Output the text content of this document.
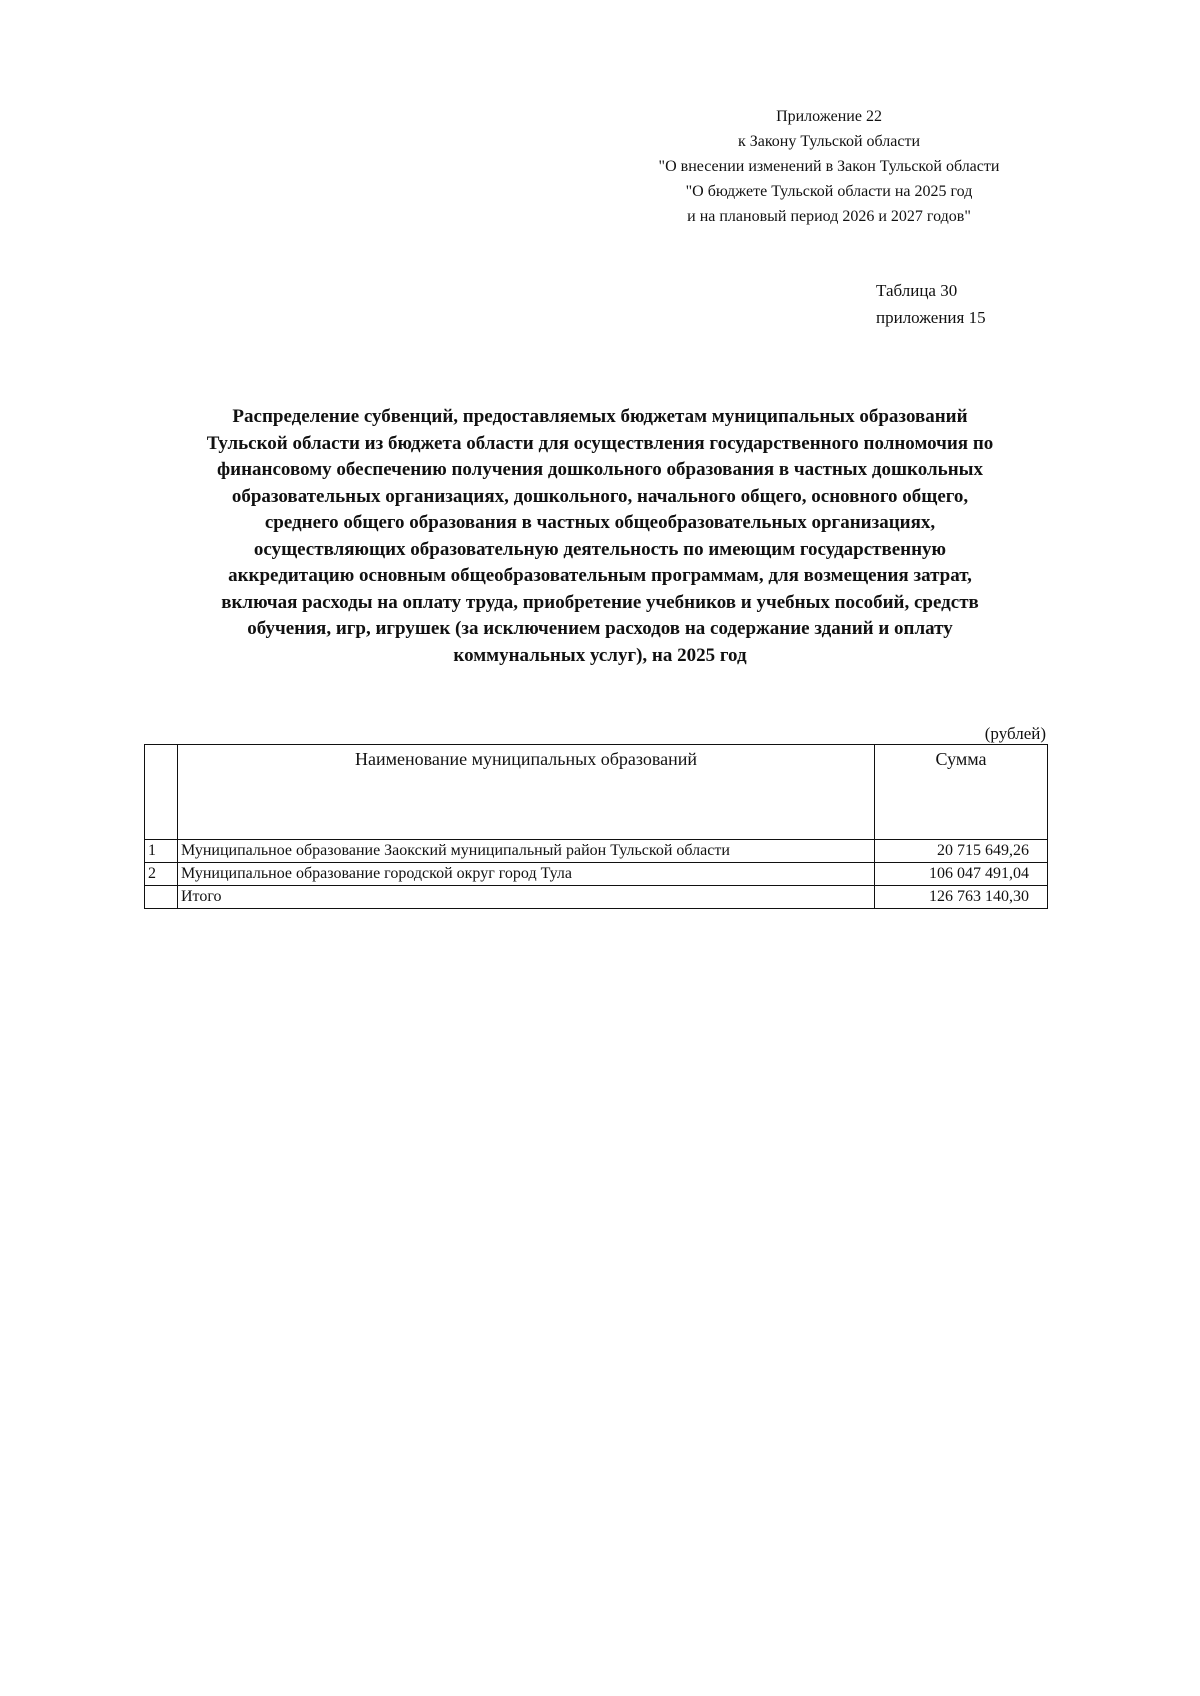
Приложение 22
к Закону Тульской области
"О внесении изменений в Закон Тульской области
"О бюджете Тульской области на 2025 год
и на плановый период 2026 и 2027 годов"
Таблица 30
приложения 15
Распределение субвенций, предоставляемых бюджетам муниципальных образований
Тульской области из бюджета области для осуществления государственного полномочия по
финансовому обеспечению получения дошкольного образования в частных дошкольных
образовательных организациях, дошкольного, начального общего, основного общего,
среднего общего образования в частных общеобразовательных организациях,
осуществляющих образовательную деятельность по имеющим государственную
аккредитацию основным общеобразовательным программам, для возмещения затрат,
включая расходы на оплату труда, приобретение учебников и учебных пособий, средств
обучения, игр, игрушек (за исключением расходов на содержание зданий и оплату
коммунальных услуг), на 2025 год
(рублей)
	Наименование муниципальных образований	Сумма
1	Муниципальное образование Заокский муниципальный район Тульской области	20 715 649,26
2	Муниципальное образование городской округ город Тула	106 047 491,04
	Итого	126 763 140,30
